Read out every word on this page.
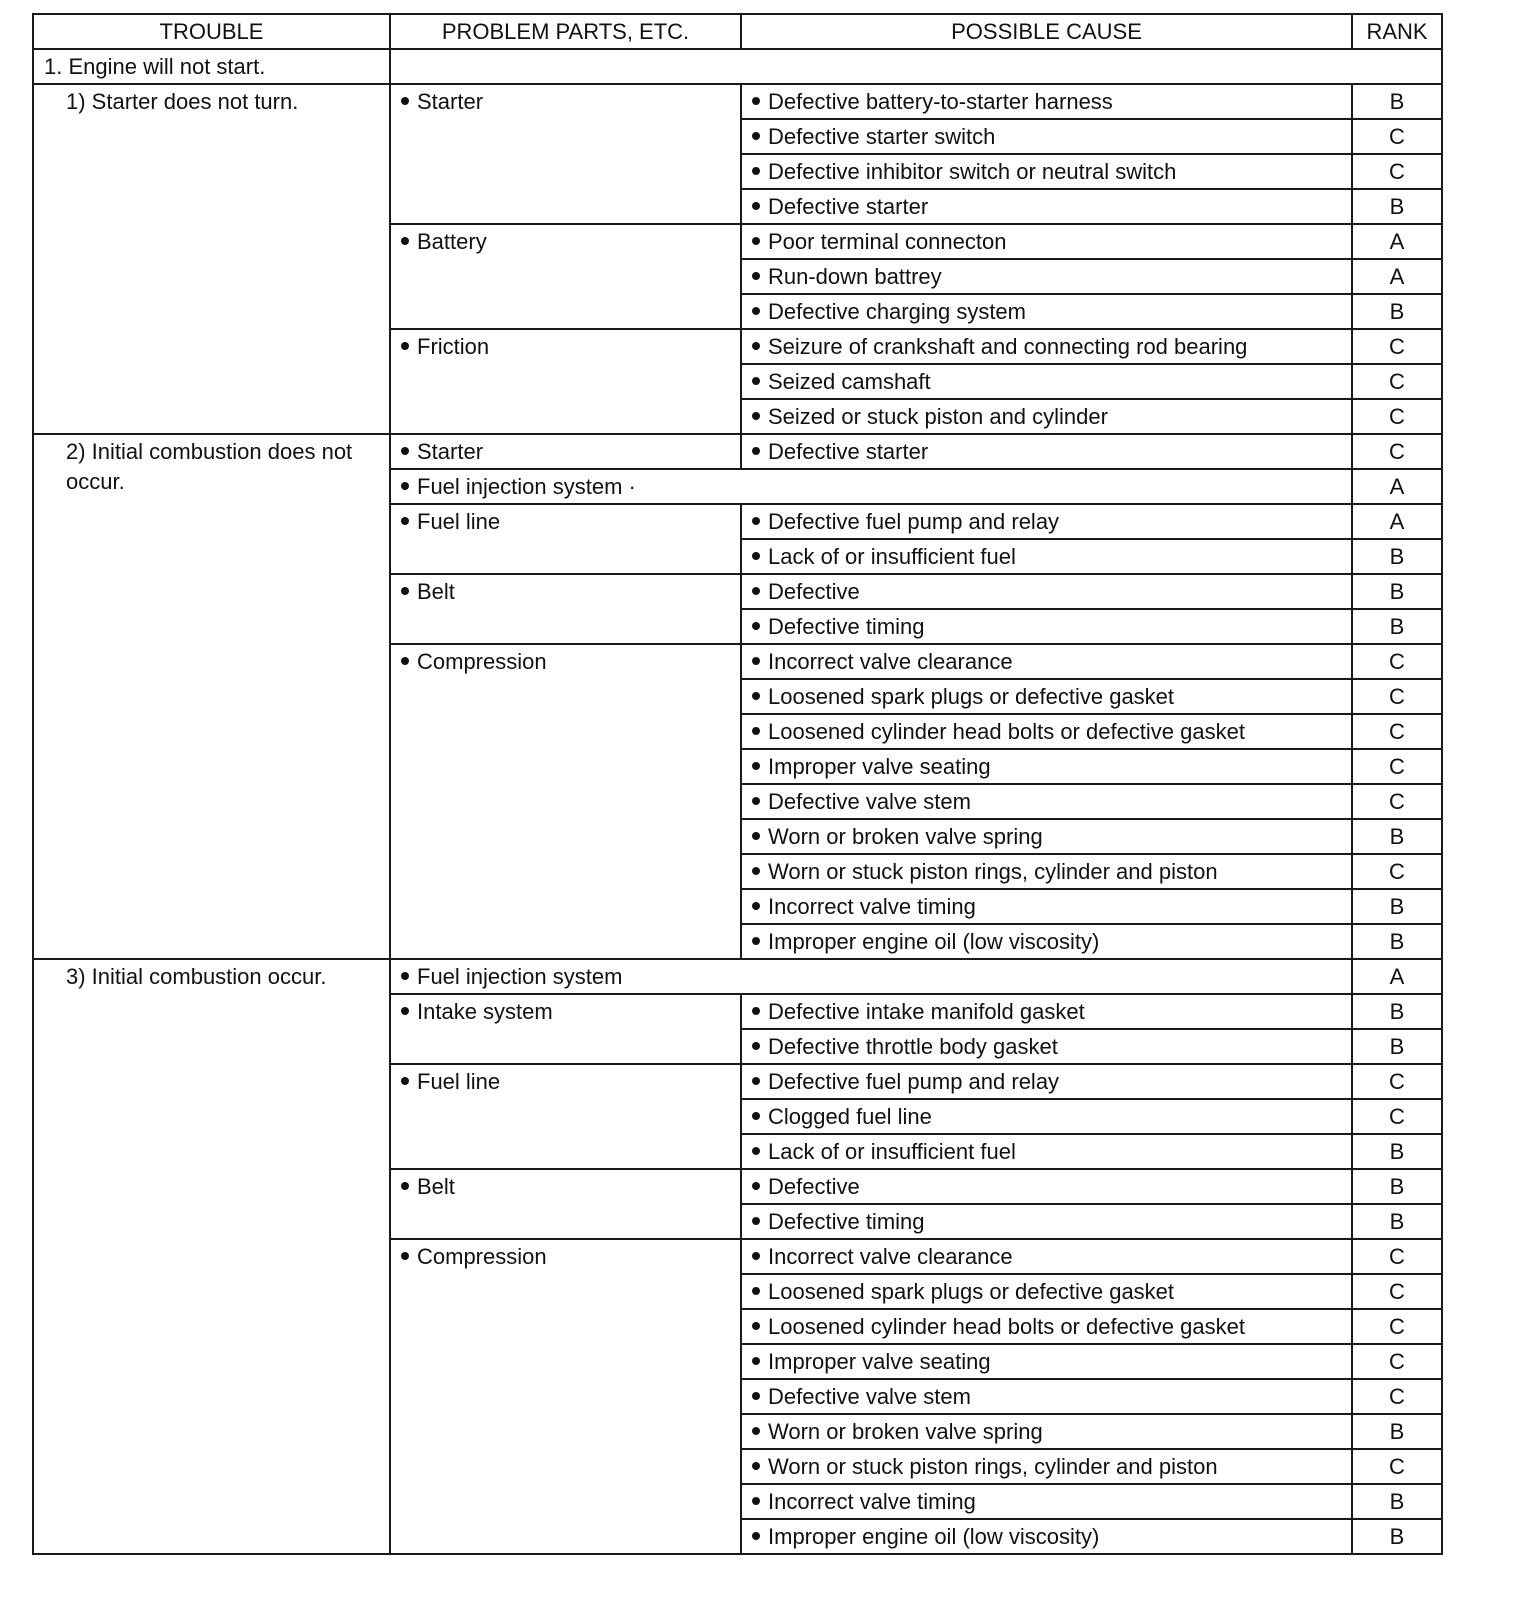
TROUBLE	PROBLEM PARTS, ETC.	POSSIBLE CAUSE	RANK
1. Engine will not start.			
1) Starter does not turn.	Starter	Defective battery-to-starter harness	B
		Defective starter switch	C
		Defective inhibitor switch or neutral switch	C
		Defective starter	B
	Battery	Poor terminal connecton	A
		Run-down battrey	A
		Defective charging system	B
	Friction	Seizure of crankshaft and connecting rod bearing	C
		Seized camshaft	C
		Seized or stuck piston and cylinder	C
2) Initial combustion does not occur.	Starter	Defective starter	C
	Fuel injection system ·		A
	Fuel line	Defective fuel pump and relay	A
		Lack of or insufficient fuel	B
	Belt	Defective	B
		Defective timing	B
	Compression	Incorrect valve clearance	C
		Loosened spark plugs or defective gasket	C
		Loosened cylinder head bolts or defective gasket	C
		Improper valve seating	C
		Defective valve stem	C
		Worn or broken valve spring	B
		Worn or stuck piston rings, cylinder and piston	C
		Incorrect valve timing	B
		Improper engine oil (low viscosity)	B
3) Initial combustion occur.	Fuel injection system		A
	Intake system	Defective intake manifold gasket	B
		Defective throttle body gasket	B
	Fuel line	Defective fuel pump and relay	C
		Clogged fuel line	C
		Lack of or insufficient fuel	B
	Belt	Defective	B
		Defective timing	B
	Compression	Incorrect valve clearance	C
		Loosened spark plugs or defective gasket	C
		Loosened cylinder head bolts or defective gasket	C
		Improper valve seating	C
		Defective valve stem	C
		Worn or broken valve spring	B
		Worn or stuck piston rings, cylinder and piston	C
		Incorrect valve timing	B
		Improper engine oil (low viscosity)	B
